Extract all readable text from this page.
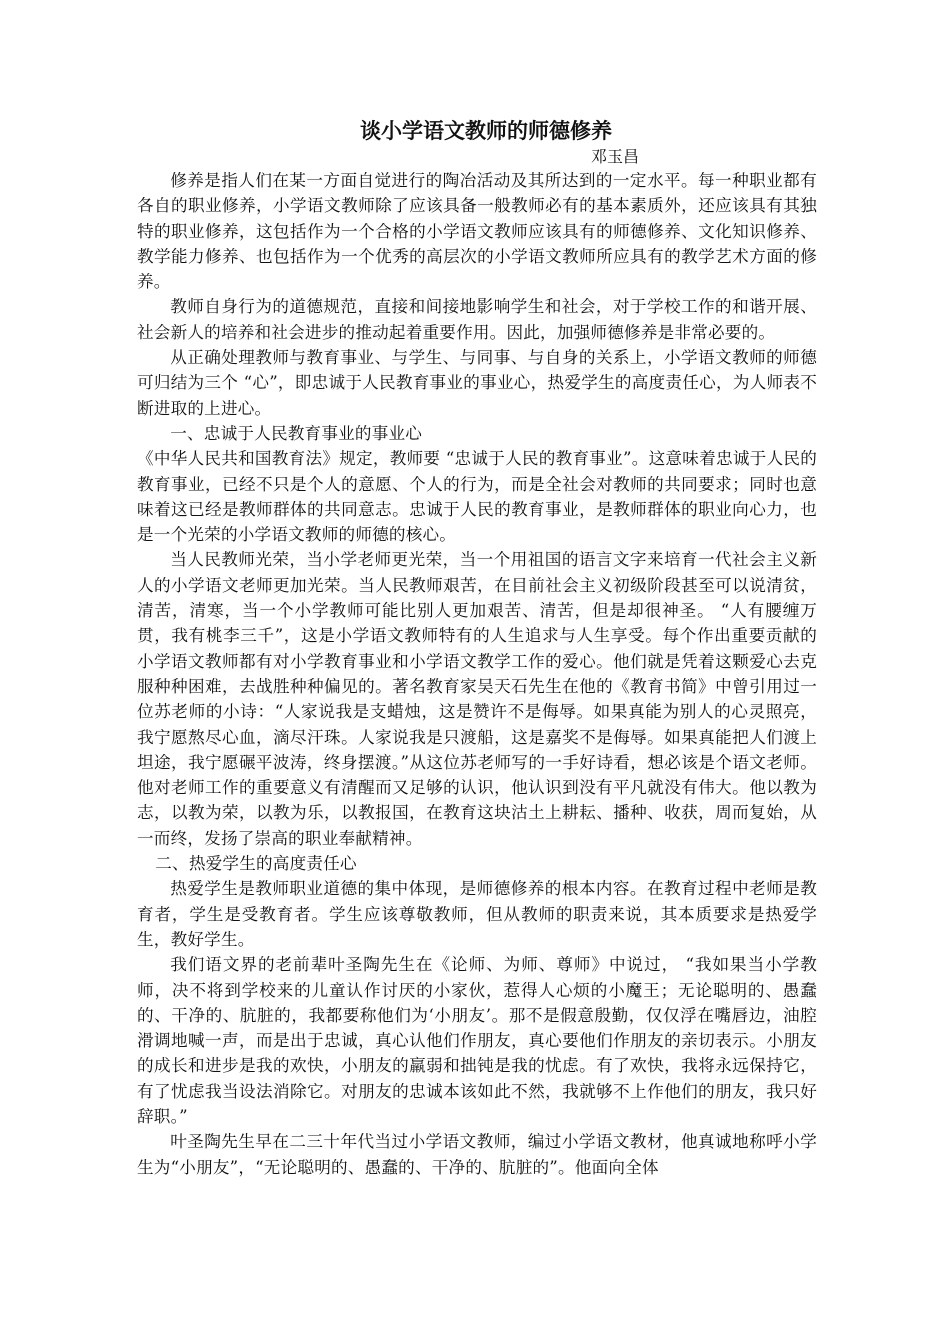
谈小学语文教师的师德修养
邓玉昌

修养是指人们在某一方面自觉进行的陶冶活动及其所达到的一定水平。每一种职业都有各自的职业修养，小学语文教师除了应该具备一般教师必有的基本素质外，还应该具有其独特的职业修养，这包括作为一个合格的小学语文教师应该具有的师德修养、文化知识修养、教学能力修养、也包括作为一个优秀的高层次的小学语文教师所应具有的教学艺术方面的修养。

教师自身行为的道德规范，直接和间接地影响学生和社会，对于学校工作的和谐开展、社会新人的培养和社会进步的推动起着重要作用。因此，加强师德修养是非常必要的。

从正确处理教师与教育事业、与学生、与同事、与自身的关系上，小学语文教师的师德可归结为三个 “心”，即忠诚于人民教育事业的事业心，热爱学生的高度责任心，为人师表不断进取的上进心。

一、忠诚于人民教育事业的事业心

《中华人民共和国教育法》规定，教师要 “忠诚于人民的教育事业”。这意味着忠诚于人民的教育事业，已经不只是个人的意愿、个人的行为，而是全社会对教师的共同要求；同时也意味着这已经是教师群体的共同意志。忠诚于人民的教育事业，是教师群体的职业向心力，也是一个光荣的小学语文教师的师德的核心。

当人民教师光荣，当小学老师更光荣，当一个用祖国的语言文字来培育一代社会主义新人的小学语文老师更加光荣。当人民教师艰苦，在目前社会主义初级阶段甚至可以说清贫，清苦，清寒，当一个小学教师可能比别人更加艰苦、清苦，但是却很神圣。 “人有腰缠万贯，我有桃李三千”，这是小学语文教师特有的人生追求与人生享受。每个作出重要贡献的小学语文教师都有对小学教育事业和小学语文教学工作的爱心。他们就是凭着这颗爱心去克服种种困难，去战胜种种偏见的。著名教育家吴天石先生在他的《教育书简》中曾引用过一位苏老师的小诗：“人家说我是支蜡烛，这是赞许不是侮辱。如果真能为别人的心灵照亮，我宁愿熬尽心血，滴尽汗珠。人家说我是只渡船，这是嘉奖不是侮辱。如果真能把人们渡上坦途，我宁愿碾平波涛，终身摆渡。”从这位苏老师写的一手好诗看，想必该是个语文老师。他对老师工作的重要意义有清醒而又足够的认识，他认识到没有平凡就没有伟大。他以教为志，以教为荣，以教为乐，以教报国，在教育这块沽土上耕耘、播种、收获，周而复始，从一而终，发扬了崇高的职业奉献精神。

二、热爱学生的高度责任心

热爱学生是教师职业道德的集中体现，是师德修养的根本内容。在教育过程中老师是教育者，学生是受教育者。学生应该尊敬教师，但从教师的职责来说，其本质要求是热爱学生，教好学生。

我们语文界的老前辈叶圣陶先生在《论师、为师、尊师》中说过， “我如果当小学教师，决不将到学校来的儿童认作讨厌的小家伙，惹得人心烦的小魔王；无论聪明的、愚蠢的、干净的、肮脏的，我都要称他们为‘小朋友’。那不是假意殷勤，仅仅浮在嘴唇边，油腔滑调地喊一声，而是出于忠诚，真心认他们作朋友，真心要他们作朋友的亲切表示。小朋友的成长和进步是我的欢快，小朋友的羸弱和拙钝是我的忧虑。有了欢快，我将永远保持它，有了忧虑我当设法消除它。对朋友的忠诚本该如此不然，我就够不上作他们的朋友，我只好辞职。”

叶圣陶先生早在二三十年代当过小学语文教师，编过小学语文教材，他真诚地称呼小学生为“小朋友”，“无论聪明的、愚蠢的、干净的、肮脏的”。他面向全体
